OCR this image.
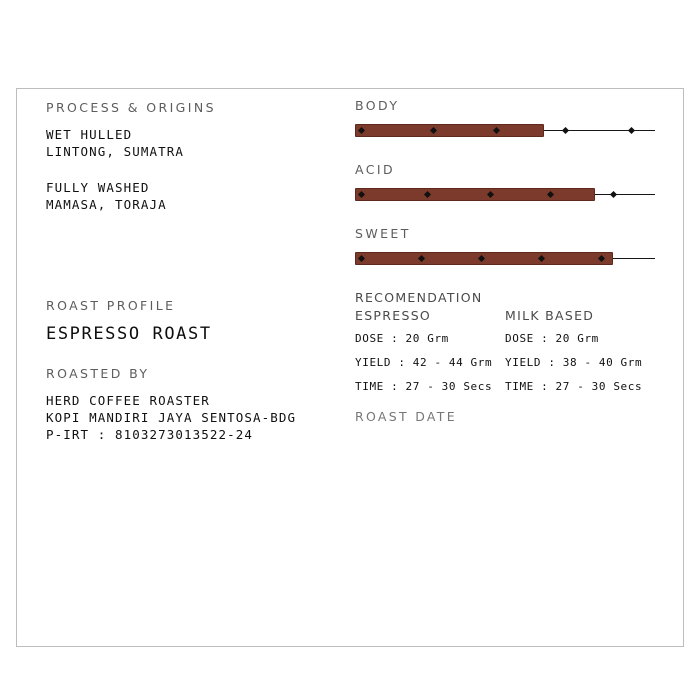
PROCESS & ORIGINS
WET HULLED
LINTONG, SUMATRA
FULLY WASHED
MAMASA, TORAJA
ROAST PROFILE
ESPRESSO ROAST
ROASTED BY
HERD COFFEE ROASTER
KOPI MANDIRI JAYA SENTOSA-BDG
P-IRT : 8103273013522-24
BODY
ACID
SWEET
RECOMENDATION
ESPRESSO
DOSE : 20 Grm
YIELD : 42 - 44 Grm
TIME : 27 - 30 Secs
MILK BASED
DOSE : 20 Grm
YIELD : 38 - 40 Grm
TIME : 27 - 30 Secs
ROAST DATE
